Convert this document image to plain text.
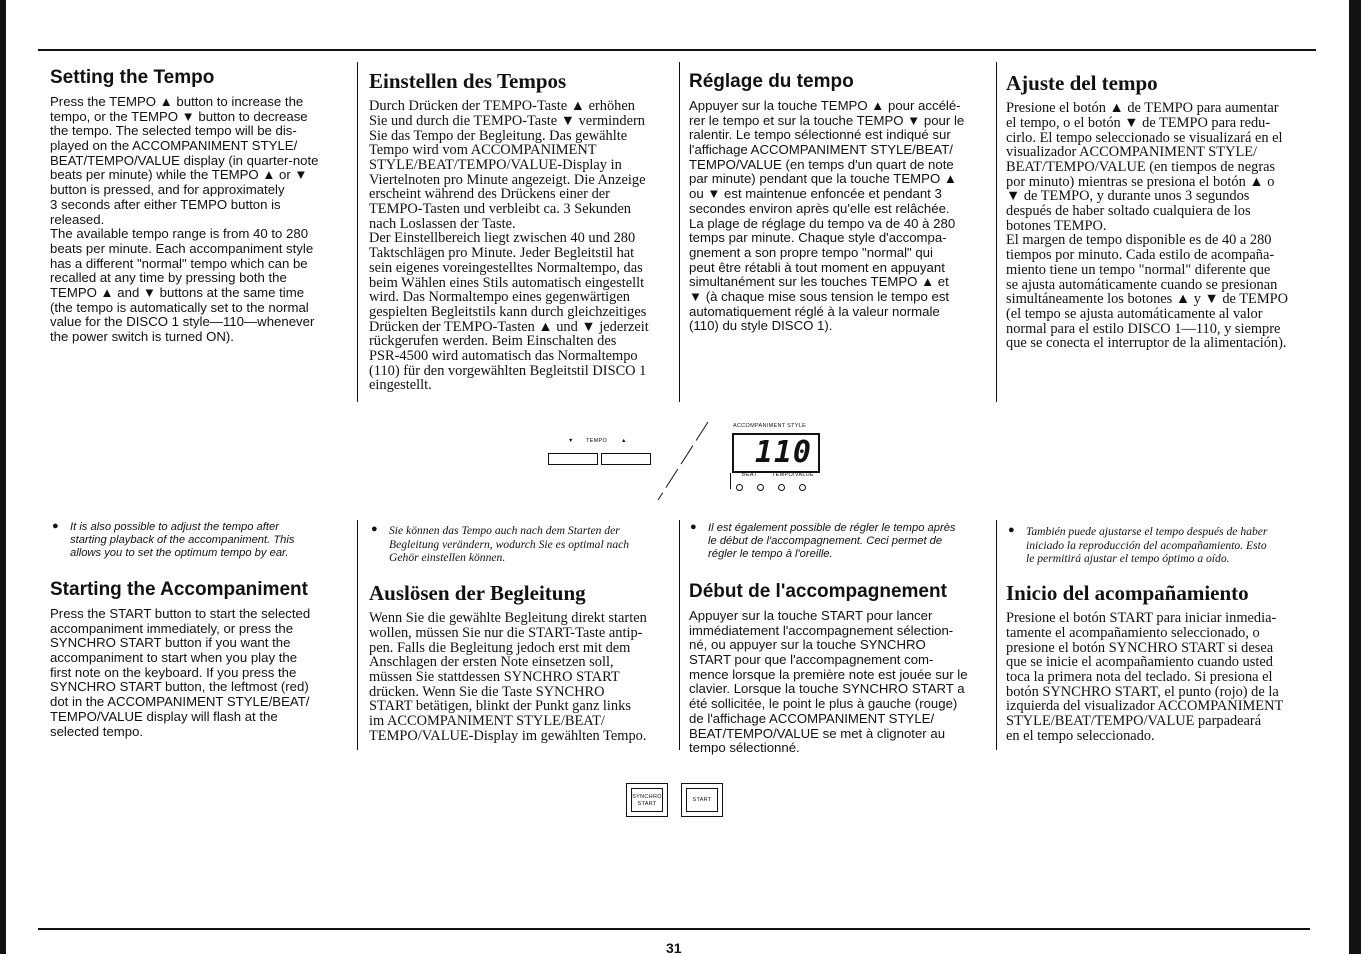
Setting the Tempo

Press the TEMPO ▲ button to increase the
tempo, or the TEMPO ▼ button to decrease
the tempo. The selected tempo will be dis-
played on the ACCOMPANIMENT STYLE/
BEAT/TEMPO/VALUE display (in quarter-note
beats per minute) while the TEMPO ▲ or ▼
button is pressed, and for approximately
3 seconds after either TEMPO button is
released.
The available tempo range is from 40 to 280
beats per minute. Each accompaniment style
has a different "normal" tempo which can be
recalled at any time by pressing both the
TEMPO ▲ and ▼ buttons at the same time
(the tempo is automatically set to the normal
value for the DISCO 1 style—110—whenever
the power switch is turned ON).

Einstellen des Tempos

Durch Drücken der TEMPO-Taste ▲ erhöhen
Sie und durch die TEMPO-Taste ▼ vermindern
Sie das Tempo der Begleitung. Das gewählte
Tempo wird vom ACCOMPANIMENT
STYLE/BEAT/TEMPO/VALUE-Display in
Viertelnoten pro Minute angezeigt. Die Anzeige
erscheint während des Drückens einer der
TEMPO-Tasten und verbleibt ca. 3 Sekunden
nach Loslassen der Taste.
Der Einstellbereich liegt zwischen 40 und 280
Taktschlägen pro Minute. Jeder Begleitstil hat
sein eigenes voreingestelltes Normaltempo, das
beim Wählen eines Stils automatisch eingestellt
wird. Das Normaltempo eines gegenwärtigen
gespielten Begleitstils kann durch gleichzeitiges
Drücken der TEMPO-Tasten ▲ und ▼ jederzeit
rückgerufen werden. Beim Einschalten des
PSR-4500 wird automatisch das Normaltempo
(110) für den vorgewählten Begleitstil DISCO 1
eingestellt.

Réglage du tempo

Appuyer sur la touche TEMPO ▲ pour accélé-
rer le tempo et sur la touche TEMPO ▼ pour le
ralentir. Le tempo sélectionné est indiqué sur
l'affichage ACCOMPANIMENT STYLE/BEAT/
TEMPO/VALUE (en temps d'un quart de note
par minute) pendant que la touche TEMPO ▲
ou ▼ est maintenue enfoncée et pendant 3
secondes environ après qu'elle est relâchée.
La plage de réglage du tempo va de 40 à 280
temps par minute. Chaque style d'accompa-
gnement a son propre tempo "normal" qui
peut être rétabli à tout moment en appuyant
simultanément sur les touches TEMPO ▲ et
▼ (à chaque mise sous tension le tempo est
automatiquement réglé à la valeur normale
(110) du style DISCO 1).

Ajuste del tempo

Presione el botón ▲ de TEMPO para aumentar
el tempo, o el botón ▼ de TEMPO para redu-
cirlo. El tempo seleccionado se visualizará en el
visualizador ACCOMPANIMENT STYLE/
BEAT/TEMPO/VALUE (en tiempos de negras
por minuto) mientras se presiona el botón ▲ o
▼ de TEMPO, y durante unos 3 segundos
después de haber soltado cualquiera de los
botones TEMPO.
El margen de tempo disponible es de 40 a 280
tiempos por minuto. Cada estilo de acompaña-
miento tiene un tempo "normal" diferente que
se ajusta automáticamente cuando se presionan
simultáneamente los botones ▲ y ▼ de TEMPO
(el tempo se ajusta automáticamente al valor
normal para el estilo DISCO 1—110, y siempre
que se conecta el interruptor de la alimentación).

▼ TEMPO	▲
ACCOMPANIMENT STYLE
110
BEAT	TEMPO/VALUE
●	It is also possible to adjust the tempo after
starting playback of the accompaniment. This
allows you to set the optimum tempo by ear.

● Sie können das Tempo auch nach dem Starten der
Begleitung verändern, wodurch Sie es optimal nach
Gehör einstellen können.

●	Il est également possible de régler le tempo après
le début de l'accompagnement. Ceci permet de
régler le tempo à l'oreille.

● También puede ajustarse el tempo después de haber
iniciado la reproducción del acompañamiento. Esto
le permitirá ajustar el tempo óptimo a oído.

Starting the Accompaniment

Press the START button to start the selected
accompaniment immediately, or press the
SYNCHRO START button if you want the
accompaniment to start when you play the
first note on the keyboard. If you press the
SYNCHRO START button, the leftmost (red)
dot in the ACCOMPANIMENT STYLE/BEAT/
TEMPO/VALUE display will flash at the
selected tempo.

Auslösen der Begleitung

Wenn Sie die gewählte Begleitung direkt starten
wollen, müssen Sie nur die START-Taste antip-
pen. Falls die Begleitung jedoch erst mit dem
Anschlagen der ersten Note einsetzen soll,
müssen Sie stattdessen SYNCHRO START
drücken. Wenn Sie die Taste SYNCHRO
START betätigen, blinkt der Punkt ganz links
im ACCOMPANIMENT STYLE/BEAT/
TEMPO/VALUE-Display im gewählten Tempo.

Début de l'accompagnement

Appuyer sur la touche START pour lancer
immédiatement l'accompagnement sélection-
né, ou appuyer sur la touche SYNCHRO
START pour que l'accompagnement com-
mence lorsque la première note est jouée sur le
clavier. Lorsque la touche SYNCHRO START a
été sollicitée, le point le plus à gauche (rouge)
de l'affichage ACCOMPANIMENT STYLE/
BEAT/TEMPO/VALUE se met à clignoter au
tempo sélectionné.

Inicio del acompañamiento

Presione el botón START para iniciar inmedia-
tamente el acompañamiento seleccionado, o
presione el botón SYNCHRO START si desea
que se inicie el acompañamiento cuando usted
toca la primera nota del teclado. Si presiona el
botón SYNCHRO START, el punto (rojo) de la
izquierda del visualizador ACCOMPANIMENT
STYLE/BEAT/TEMPO/VALUE parpadeará
en el tempo seleccionado.

SYNCHRO
START
START
31
